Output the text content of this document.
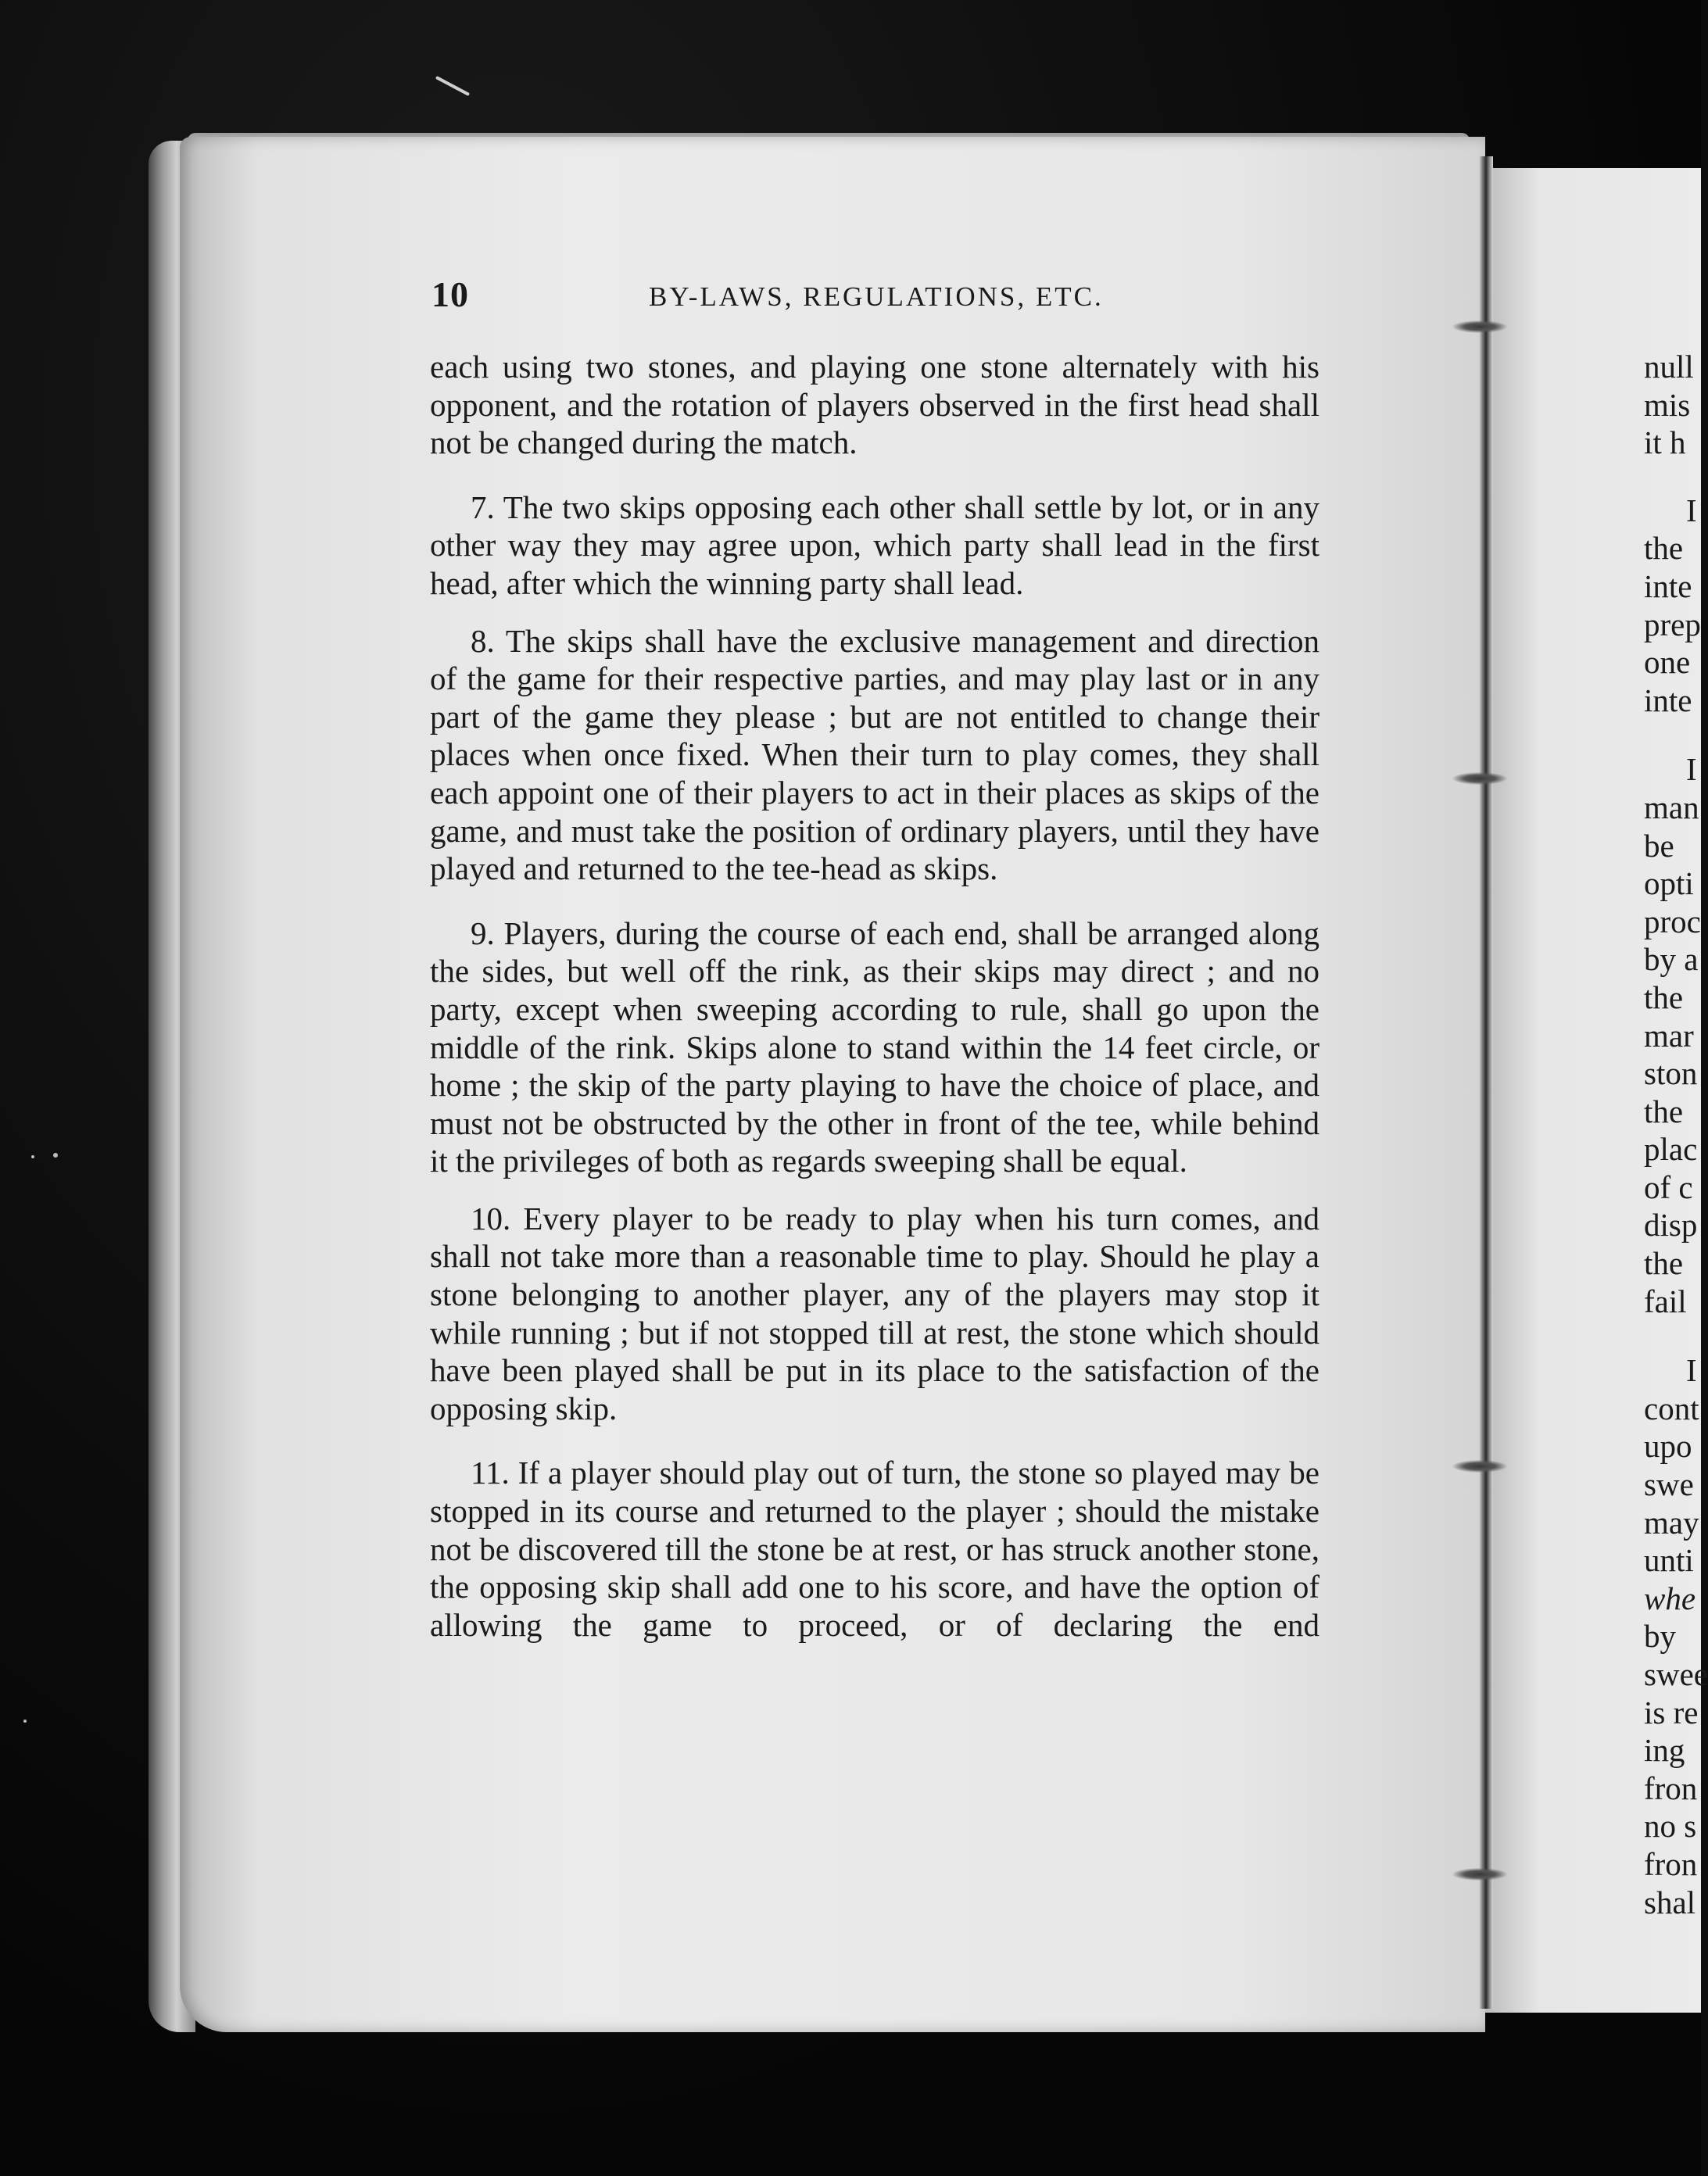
10	BY-LAWS, REGULATIONS, ETC.

each using two stones, and playing one stone alternately with his opponent, and the rotation of players observed in the first head shall not be changed during the match.

7. The two skips opposing each other shall settle by lot, or in any other way they may agree upon, which party shall lead in the first head, after which the winning party shall lead.

8. The skips shall have the exclusive management and direction of the game for their respective parties, and may play last or in any part of the game they please ; but are not entitled to change their places when once fixed. When their turn to play comes, they shall each appoint one of their players to act in their places as skips of the game, and must take the position of ordinary players, until they have played and returned to the tee-head as skips.

9. Players, during the course of each end, shall be arranged along the sides, but well off the rink, as their skips may direct ; and no party, except when sweeping according to rule, shall go upon the middle of the rink. Skips alone to stand within the 14 feet circle, or home ; the skip of the party playing to have the choice of place, and must not be obstructed by the other in front of the tee, while behind it the privileges of both as regards sweeping shall be equal.

10. Every player to be ready to play when his turn comes, and shall not take more than a reasonable time to play. Should he play a stone belonging to another player, any of the players may stop it while running ; but if not stopped till at rest, the stone which should have been played shall be put in its place to the satisfaction of the opposing skip.

11. If a player should play out of turn, the stone so played may be stopped in its course and returned to the player ; should the mistake not be discovered till the stone be at rest, or has struck another stone, the opposing skip shall add one to his score, and have the option of allowing the game to proceed, or of declaring the end

null
mis
it h
I
the
inte
prep
one
inte
I
man
be
opti
proc
by a
the
mar
ston
the
plac
of c
disp
the
fail
I
cont
upo
swe
may
unti
whe
by
swee
is re
ing
fron
no s
fron
shal
